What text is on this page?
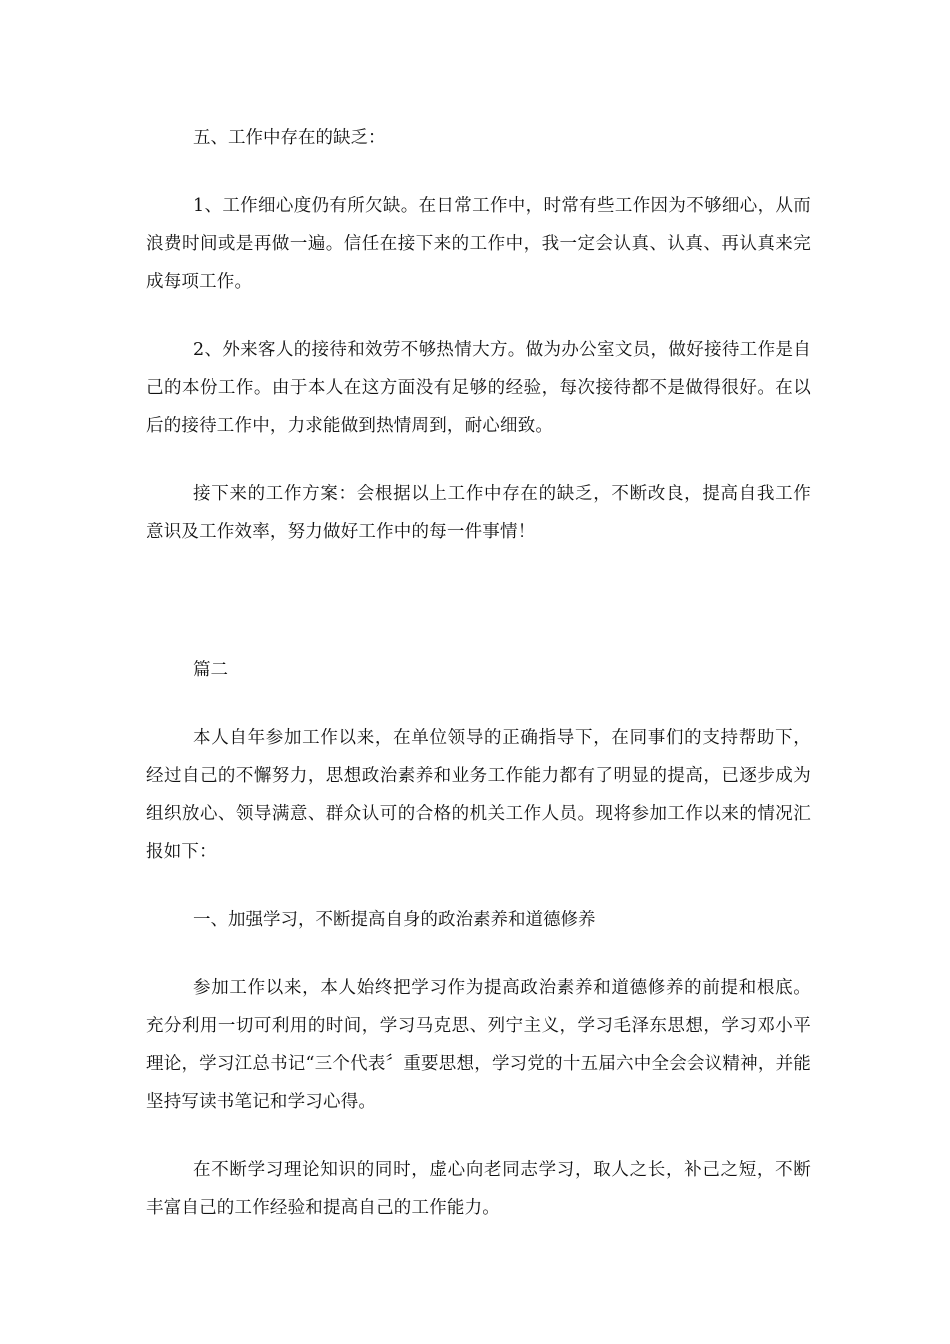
五、工作中存在的缺乏：

1、工作细心度仍有所欠缺。在日常工作中，时常有些工作因为不够细心，从而浪费时间或是再做一遍。信任在接下来的工作中，我一定会认真、认真、再认真来完成每项工作。

2、外来客人的接待和效劳不够热情大方。做为办公室文员，做好接待工作是自己的本份工作。由于本人在这方面没有足够的经验，每次接待都不是做得很好。在以后的接待工作中，力求能做到热情周到，耐心细致。

接下来的工作方案：会根据以上工作中存在的缺乏，不断改良，提高自我工作意识及工作效率，努力做好工作中的每一件事情！

篇二

本人自年参加工作以来，在单位领导的正确指导下，在同事们的支持帮助下，经过自己的不懈努力，思想政治素养和业务工作能力都有了明显的提高，已逐步成为组织放心、领导满意、群众认可的合格的机关工作人员。现将参加工作以来的情况汇报如下：

一、加强学习，不断提高自身的政治素养和道德修养

参加工作以来，本人始终把学习作为提高政治素养和道德修养的前提和根底。充分利用一切可利用的时间，学习马克思、列宁主义，学习毛泽东思想，学习邓小平理论，学习江总书记“三个代表〞重要思想，学习党的十五届六中全会会议精神，并能坚持写读书笔记和学习心得。

在不断学习理论知识的同时，虚心向老同志学习，取人之长，补己之短，不断丰富自己的工作经验和提高自己的工作能力。
